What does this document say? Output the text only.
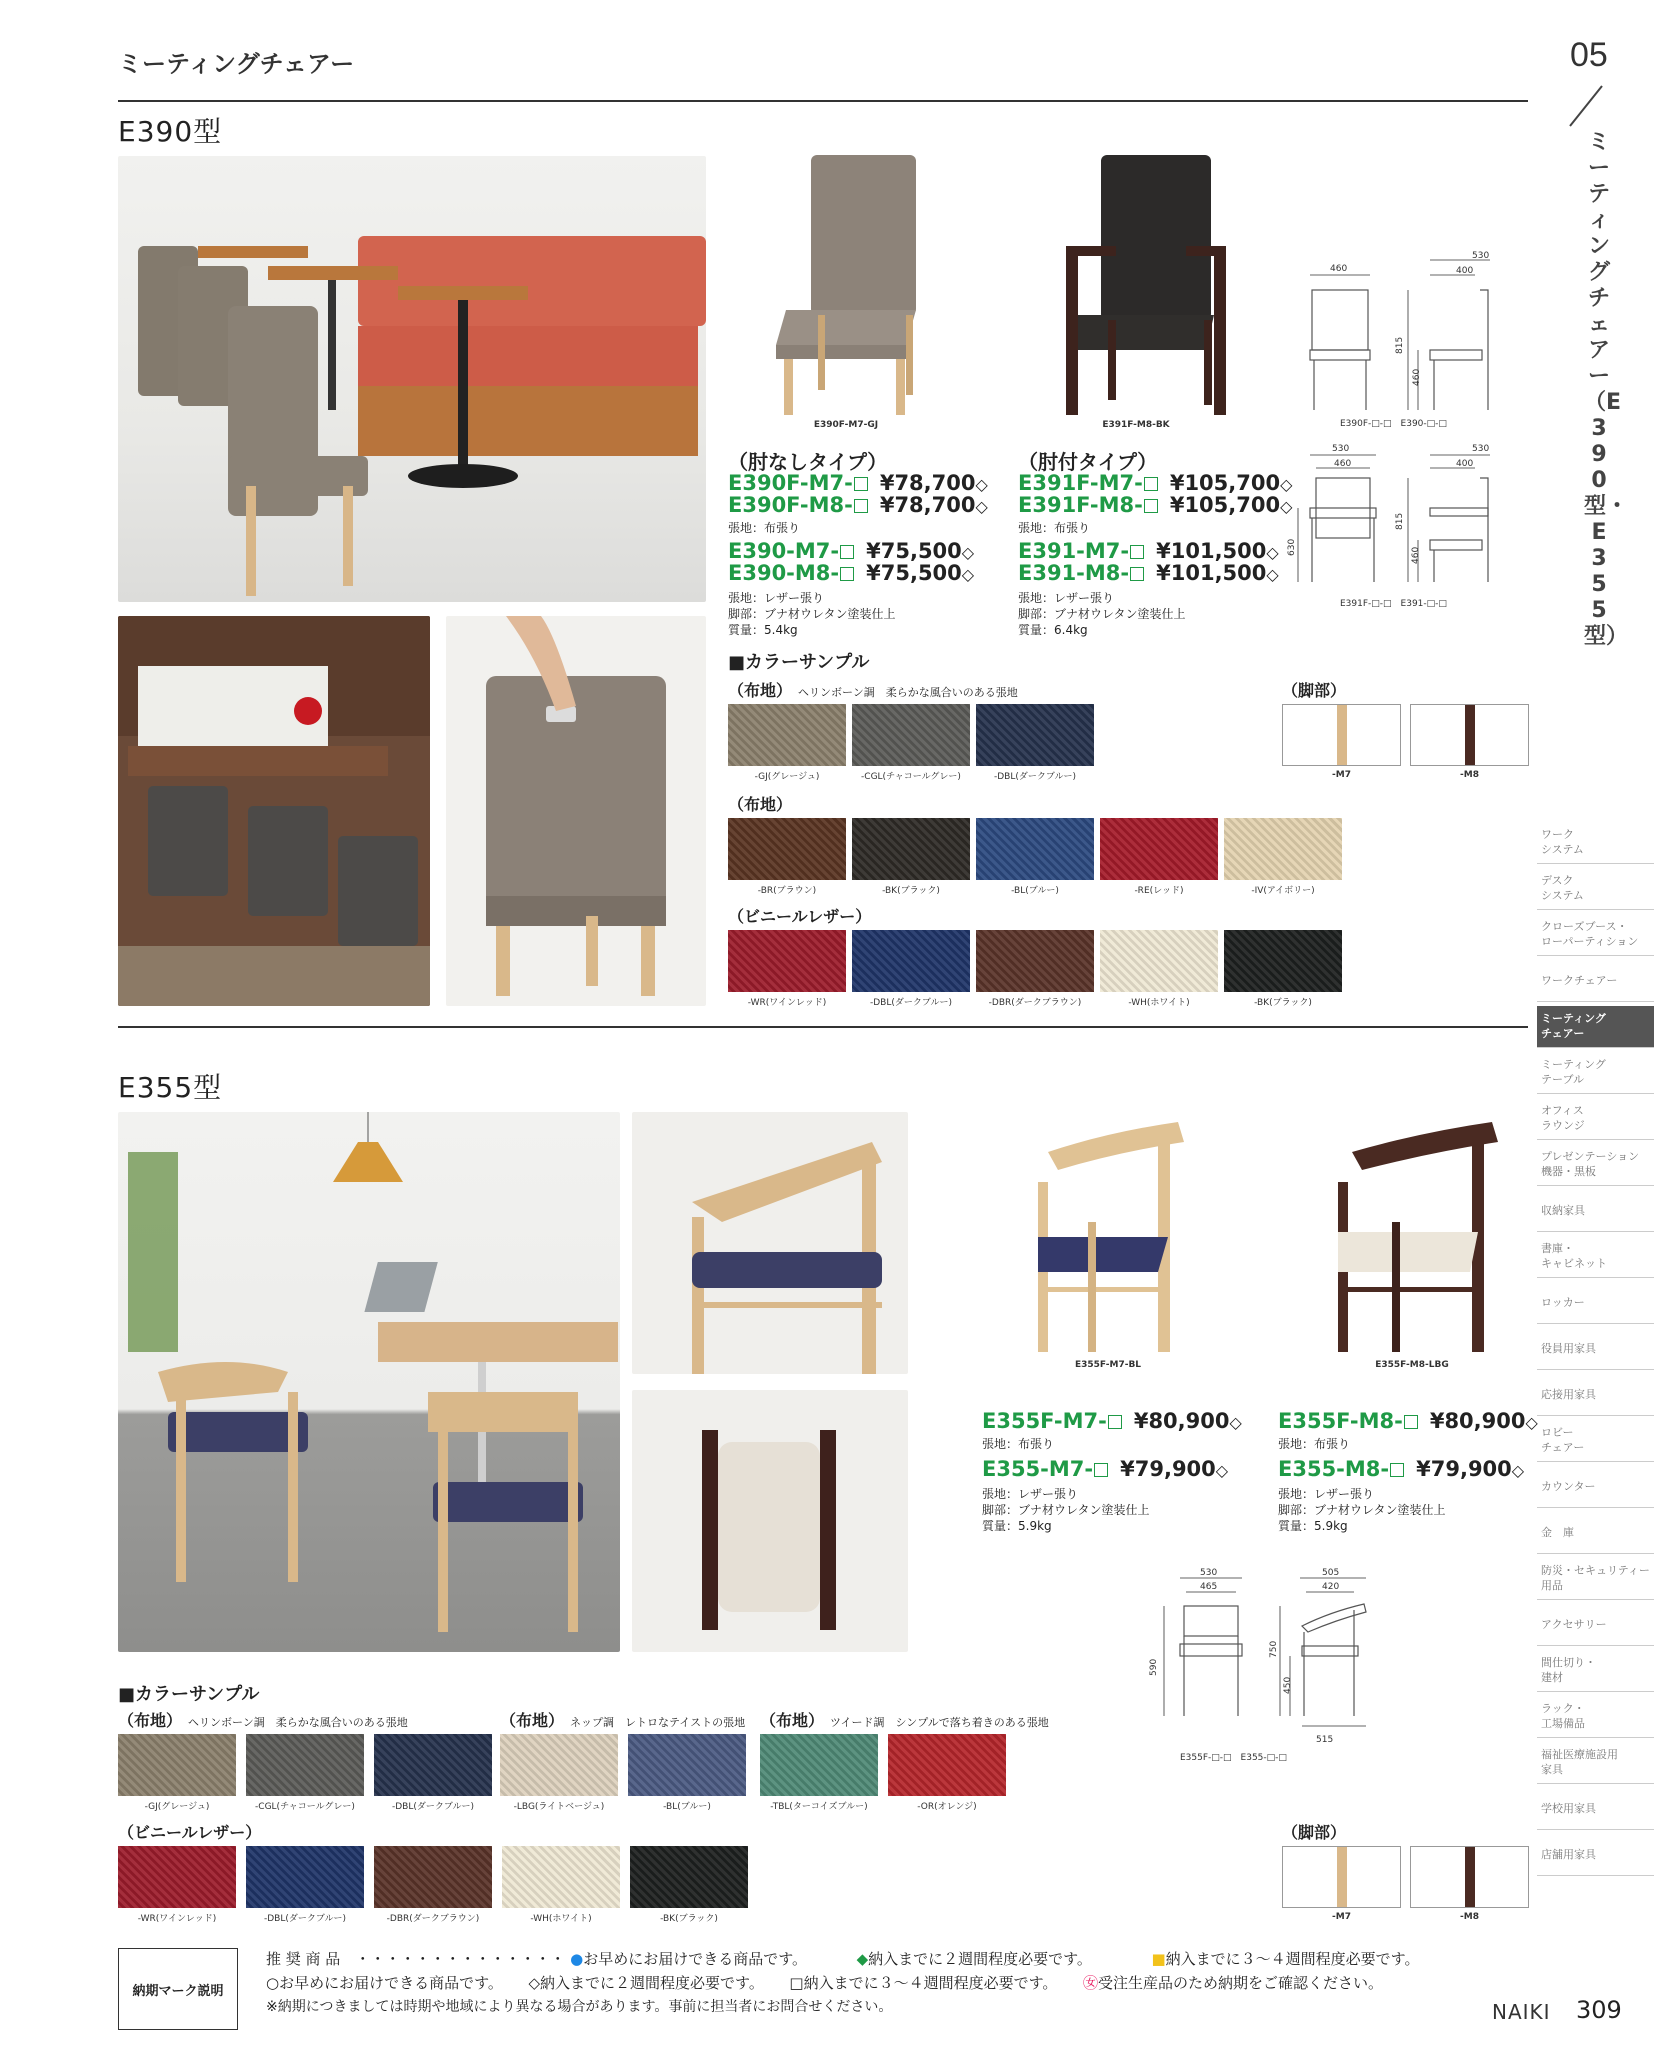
ミーティングチェアー	05
ミーティングチェアー（E390型・E355型）
E390型
E390F-M7-GJ	E391F-M8-BK
460
530
400
815
460
E390F-□-□　E390-□-□
530
460
630
530
400
815
460
E391F-□-□　E391-□-□
（肘なしタイプ）
E390F-M7- ¥78,700◇
E390F-M8- ¥78,700◇
E390-M7- ¥75,500◇
E390-M8- ¥75,500◇
張地：布張り
張地：レザー張り
脚部：ブナ材ウレタン塗装仕上
質量：5.4kg
（肘付タイプ）
E391F-M7- ¥105,700◇
E391F-M8- ¥105,700◇
E391-M7- ¥101,500◇
E391-M8- ¥101,500◇
張地：布張り
張地：レザー張り
脚部：ブナ材ウレタン塗装仕上
質量：6.4kg
■カラーサンプル
（布地） ヘリンボーン調　柔らかな風合いのある張地
-GJ(グレージュ)	-CGL(チャコールグレー)	-DBL(ダークブルー)
（布地）
-BR(ブラウン)	-BK(ブラック)	-BL(ブルー)	-RE(レッド)	-IV(アイボリー)
（ビニールレザー）
-WR(ワインレッド)	-DBL(ダークブルー)	-DBR(ダークブラウン)	-WH(ホワイト)	-BK(ブラック)
（脚部）
-M7	-M8
E355型
E355F-M7-BL	E355F-M8-LBG
E355F-M7- ¥80,900◇
E355-M7- ¥79,900◇
張地：布張り
張地：レザー張り
脚部：ブナ材ウレタン塗装仕上
質量：5.9kg
E355F-M8- ¥80,900◇
E355-M8- ¥79,900◇
張地：布張り
張地：レザー張り
脚部：ブナ材ウレタン塗装仕上
質量：5.9kg
530
465
590
505
420
750
450
515
E355F-□-□　E355-□-□
■カラーサンプル
（布地） ヘリンボーン調　柔らかな風合いのある張地	（布地） ネップ調　レトロなテイストの張地 （布地） ツイード調　シンプルで落ち着きのある張地
-GJ(グレージュ)	-CGL(チャコールグレー)	-DBL(ダークブルー)	-LBG(ライトベージュ)	-BL(ブルー)	-TBL(ターコイズブルー)	-OR(オレンジ)
（ビニールレザー）
-WR(ワインレッド)	-DBL(ダークブルー)	-DBR(ダークブラウン)	-WH(ホワイト)	-BK(ブラック)
（脚部）
-M7	-M8
ワーク
システム
デスク
システム
クローズブース・
ローパーティション
ワークチェアー
ミーティング
チェアー
ミーティング
テーブル
オフィス
ラウンジ
プレゼンテーション
機器・黒板
収納家具
書庫・
キャビネット
ロッカー
役員用家具
応接用家具
ロビー
チェアー
カウンター
金　庫
防災・セキュリティー
用品
アクセサリー
間仕切り・
建材
ラック・
工場備品
福祉医療施設用
家具
学校用家具
店舗用家具
納期マーク説明
推 奨 商 品　・・・・・・・・・・・・・・ ●お早めにお届けできる商品です。	◆納入までに２週間程度必要です。	■納入までに３～４週間程度必要です。
○お早めにお届けできる商品です。 ◇納入までに２週間程度必要です。 □納入までに３～４週間程度必要です。 ㊛受注生産品のため納期をご確認ください。
※納期につきましては時期や地域により異なる場合があります。事前に担当者にお問合せください。	NAIKI 309
